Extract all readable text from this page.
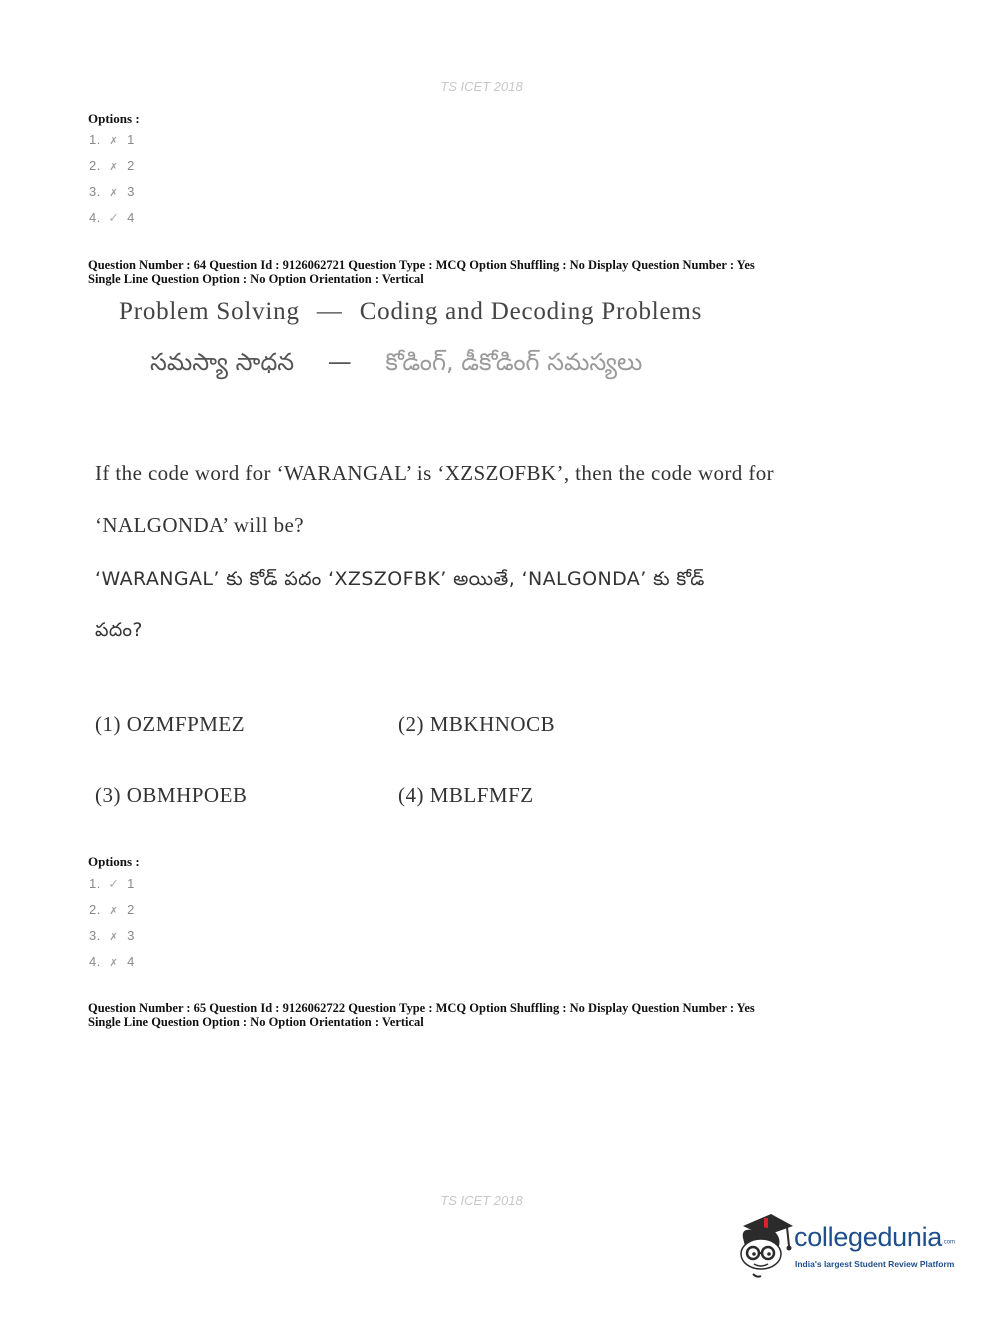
TS ICET 2018
Options :
1. ✗ 1
2. ✗ 2
3. ✗ 3
4. ✓ 4
Question Number : 64 Question Id : 9126062721 Question Type : MCQ Option Shuffling : No Display Question Number : Yes
Single Line Question Option : No Option Orientation : Vertical
Problem Solving — Coding and Decoding Problems
సమస్యా సాధన — కోడింగ్, డీకోడింగ్ సమస్యలు
If the code word for ‘WARANGAL’ is ‘XZSZOFBK’, then the code word for
‘NALGONDA’ will be?
‘WARANGAL’ కు కోడ్ పదం ‘XZSZOFBK’ అయితే, ‘NALGONDA’ కు కోడ్
పదం?
(1) OZMFPMEZ	(2) MBKHNOCB
(3) OBMHPOEB	(4) MBLFMFZ
Options :
1. ✓ 1
2. ✗ 2
3. ✗ 3
4. ✗ 4
Question Number : 65 Question Id : 9126062722 Question Type : MCQ Option Shuffling : No Display Question Number : Yes
Single Line Question Option : No Option Orientation : Vertical
TS ICET 2018
collegedunia.com
India's largest Student Review Platform
